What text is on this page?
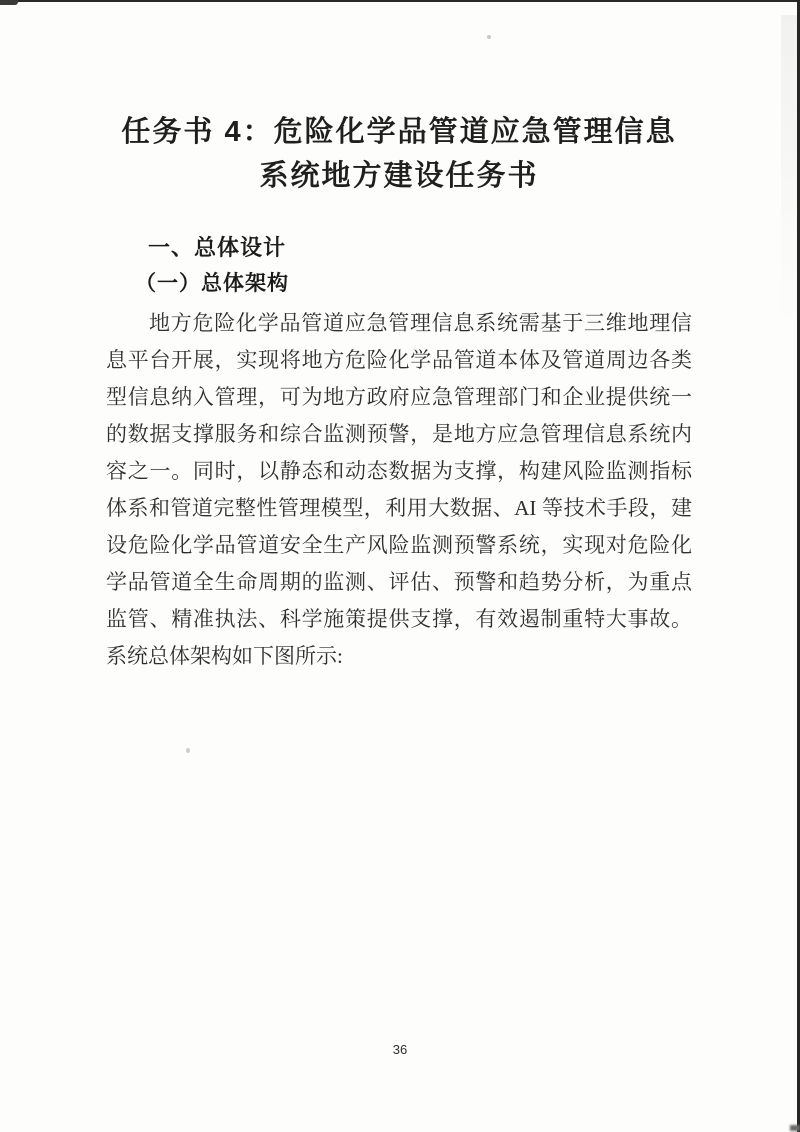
任务书 4：危险化学品管道应急管理信息
系统地方建设任务书
一、总体设计
（一）总体架构
地方危险化学品管道应急管理信息系统需基于三维地理信
息平台开展，实现将地方危险化学品管道本体及管道周边各类
型信息纳入管理，可为地方政府应急管理部门和企业提供统一
的数据支撑服务和综合监测预警，是地方应急管理信息系统内
容之一。同时，以静态和动态数据为支撑，构建风险监测指标
体系和管道完整性管理模型，利用大数据、AI 等技术手段，建
设危险化学品管道安全生产风险监测预警系统，实现对危险化
学品管道全生命周期的监测、评估、预警和趋势分析，为重点
监管、精准执法、科学施策提供支撑，有效遏制重特大事故。
系统总体架构如下图所示:
36
